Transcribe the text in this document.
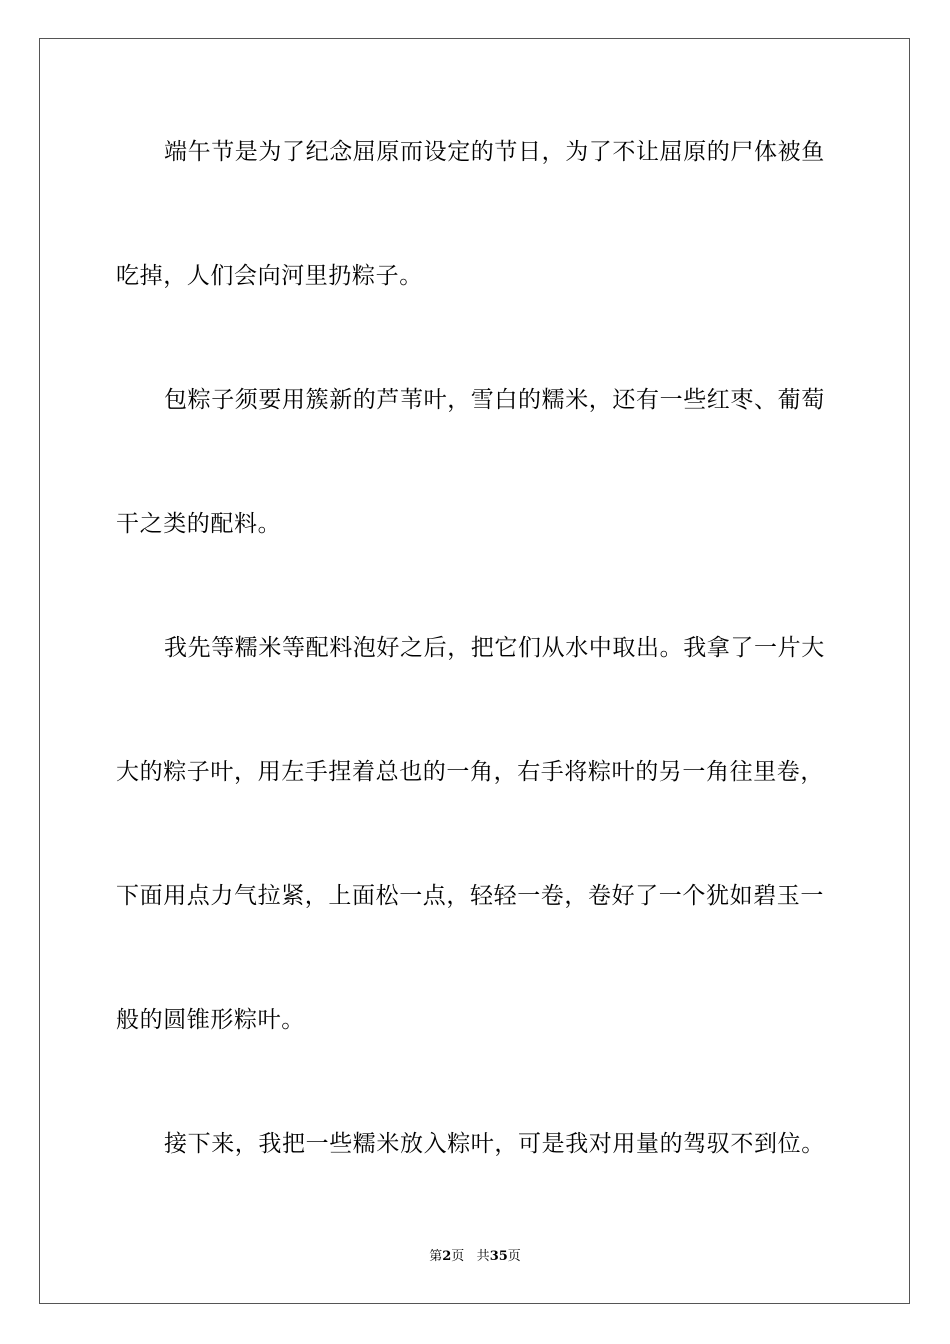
端午节是为了纪念屈原而设定的节日，为了不让屈原的尸体被鱼
吃掉，人们会向河里扔粽子。
包粽子须要用簇新的芦苇叶，雪白的糯米，还有一些红枣、葡萄
干之类的配料。
我先等糯米等配料泡好之后，把它们从水中取出。我拿了一片大
大的粽子叶，用左手捏着总也的一角，右手将粽叶的另一角往里卷，
下面用点力气拉紧，上面松一点，轻轻一卷，卷好了一个犹如碧玉一
般的圆锥形粽叶。
接下来，我把一些糯米放入粽叶，可是我对用量的驾驭不到位。
第2页 共35页
